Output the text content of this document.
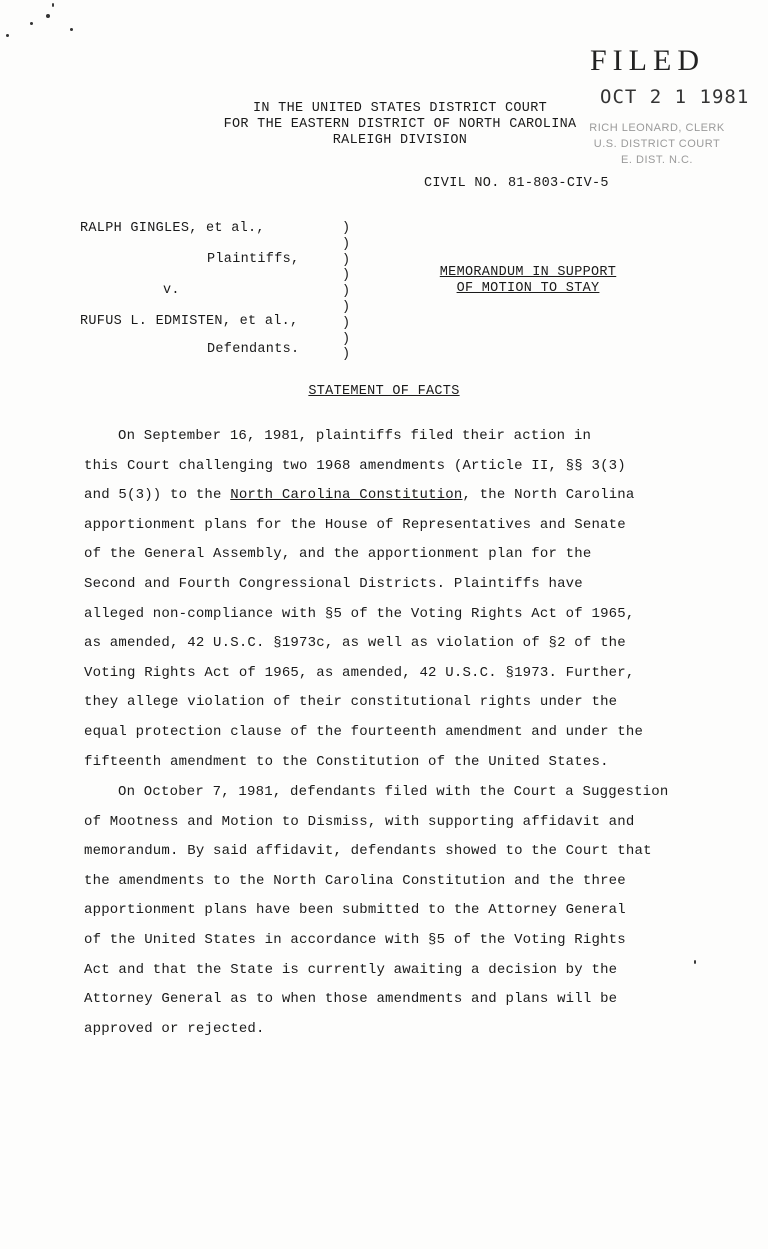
FILED
OCT 2 1 1981
RICH LEONARD, CLERK
U.S. DISTRICT COURT
E. DIST. N.C.
IN THE UNITED STATES DISTRICT COURT
FOR THE EASTERN DISTRICT OF NORTH CAROLINA
RALEIGH DIVISION
CIVIL NO. 81-803-CIV-5
RALPH GINGLES, et al.,
Plaintiffs,
v.
RUFUS L. EDMISTEN, et al.,
Defendants.
)
)
)
)
)
)
)
)
)
MEMORANDUM IN SUPPORT
OF MOTION TO STAY
STATEMENT OF FACTS
On September 16, 1981, plaintiffs filed their action in
this Court challenging two 1968 amendments (Article II, §§ 3(3)
and 5(3)) to the North Carolina Constitution, the North Carolina
apportionment plans for the House of Representatives and Senate
of the General Assembly, and the apportionment plan for the
Second and Fourth Congressional Districts. Plaintiffs have
alleged non-compliance with §5 of the Voting Rights Act of 1965,
as amended, 42 U.S.C. §1973c, as well as violation of §2 of the
Voting Rights Act of 1965, as amended, 42 U.S.C. §1973. Further,
they allege violation of their constitutional rights under the
equal protection clause of the fourteenth amendment and under the
fifteenth amendment to the Constitution of the United States.
On October 7, 1981, defendants filed with the Court a Suggestion
of Mootness and Motion to Dismiss, with supporting affidavit and
memorandum. By said affidavit, defendants showed to the Court that
the amendments to the North Carolina Constitution and the three
apportionment plans have been submitted to the Attorney General
of the United States in accordance with §5 of the Voting Rights
Act and that the State is currently awaiting a decision by the
Attorney General as to when those amendments and plans will be
approved or rejected.
